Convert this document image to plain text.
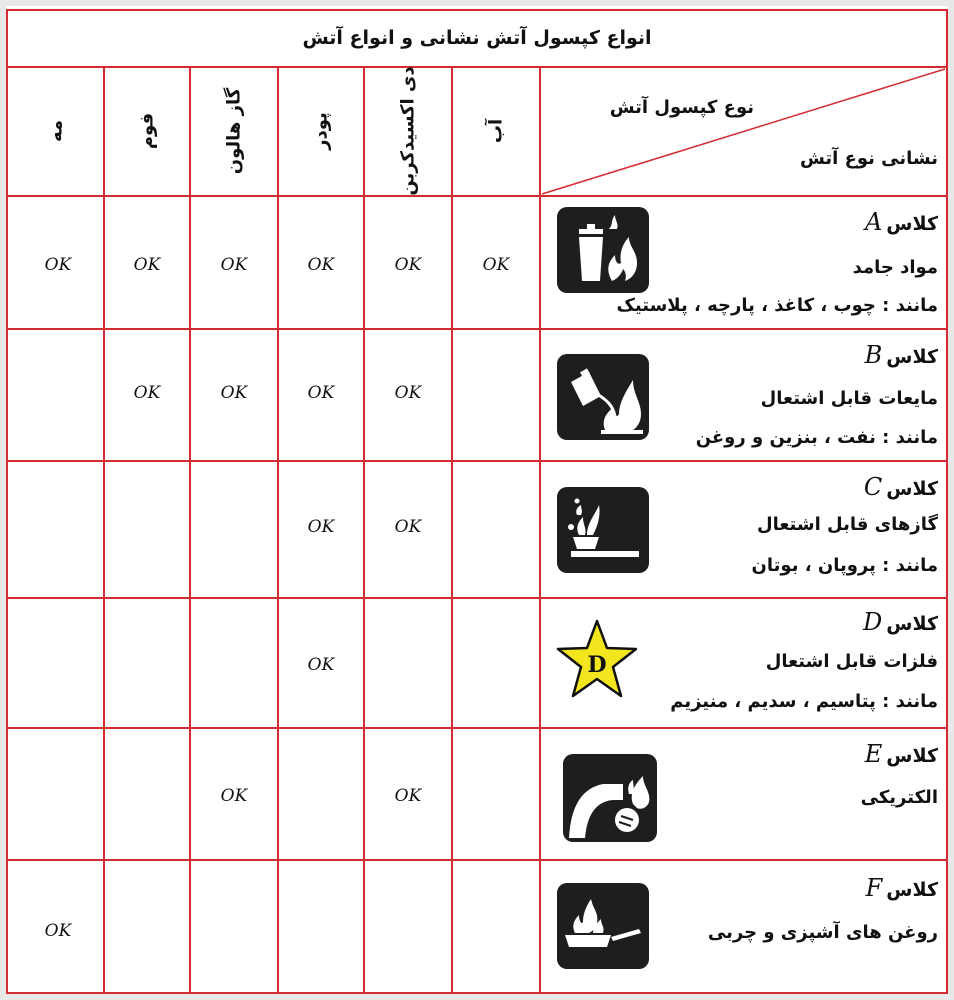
انواع کپسول آتش نشانی و انواع آتش
نوع کپسول آتش
نشانی نوع آتش
آب
دی اکسیدکربن
پودر
گاز هالون
فوم
مه
کلاسA
مواد جامد
مانند : چوب ، کاغذ ، پارچه ، پلاستیک
کلاسB
مایعات قابل اشتعال
مانند : نفت ، بنزین و روغن
کلاسC
گازهای قابل اشتعال
مانند : پروپان ، بوتان
کلاسD
فلزات قابل اشتعال
مانند : پتاسیم ، سدیم ، منیزیم
کلاسE
الکتریکی
کلاسF
روغن های آشپزی و چربی
D
OK
OK
OK
OK
OK
OK
OK
OK
OK
OK
OK
OK
OK
OK
OK
OK
